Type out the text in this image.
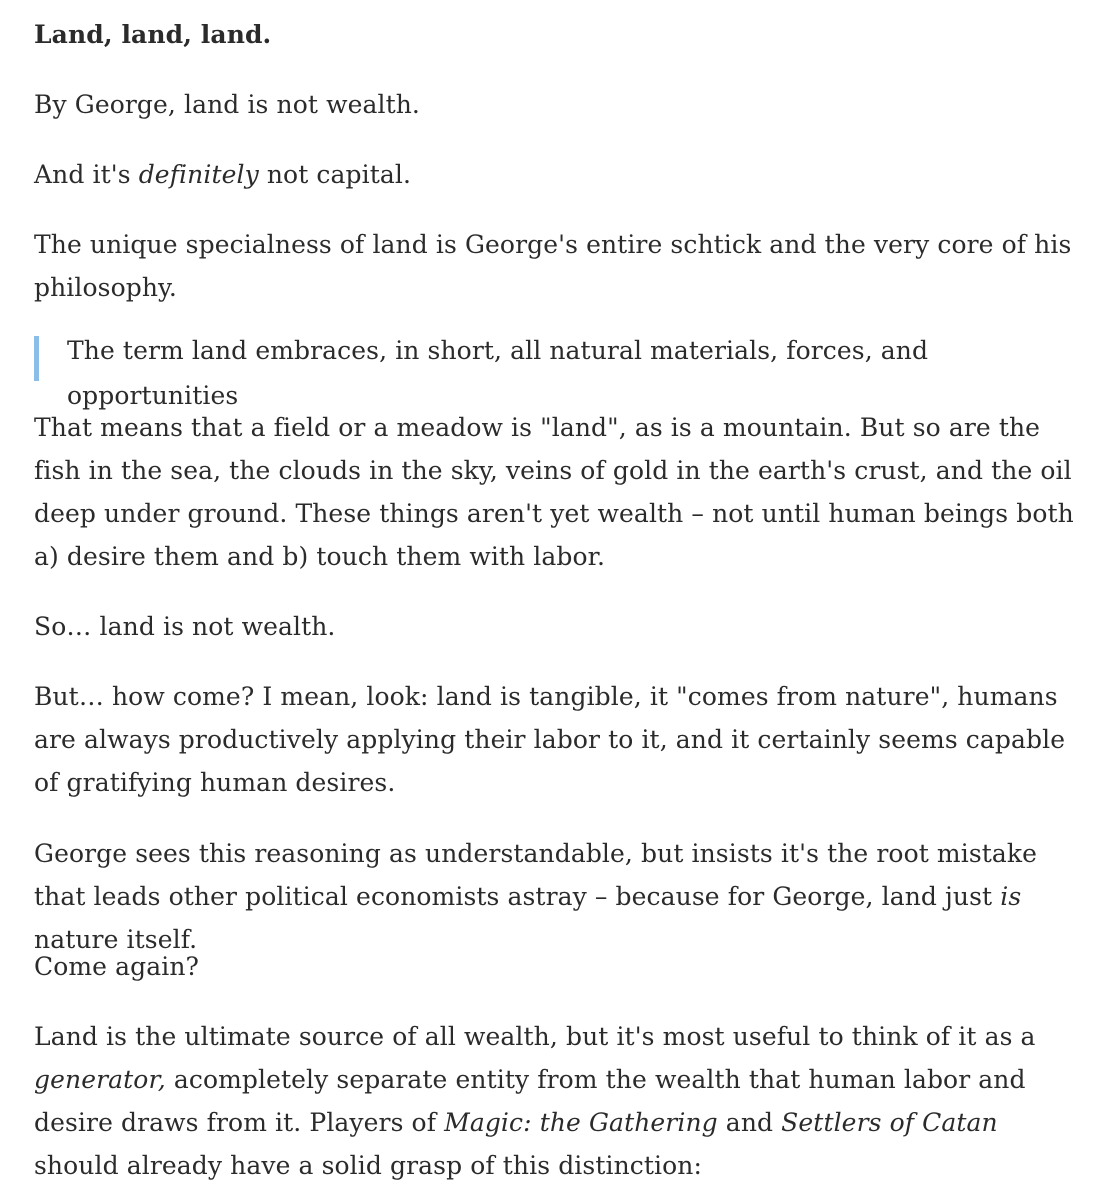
Land, land, land.

By George, land is not wealth.

And it's definitely not capital.

The unique specialness of land is George's entire schtick and the very core of his philosophy.

The term land embraces, in short, all natural materials, forces, and opportunities

That means that a field or a meadow is "land", as is a mountain. But so are the fish in the sea, the clouds in the sky, veins of gold in the earth's crust, and the oil deep under ground. These things aren't yet wealth – not until human beings both a) desire them and b) touch them with labor.

So… land is not wealth.

But… how come? I mean, look: land is tangible, it "comes from nature", humans are always productively applying their labor to it, and it certainly seems capable of gratifying human desires.

George sees this reasoning as understandable, but insists it's the root mistake that leads other political economists astray – because for George, land just is nature itself.

Come again?

Land is the ultimate source of all wealth, but it's most useful to think of it as a generator, acompletely separate entity from the wealth that human labor and desire draws from it. Players of Magic: the Gathering and Settlers of Catan should already have a solid grasp of this distinction:
